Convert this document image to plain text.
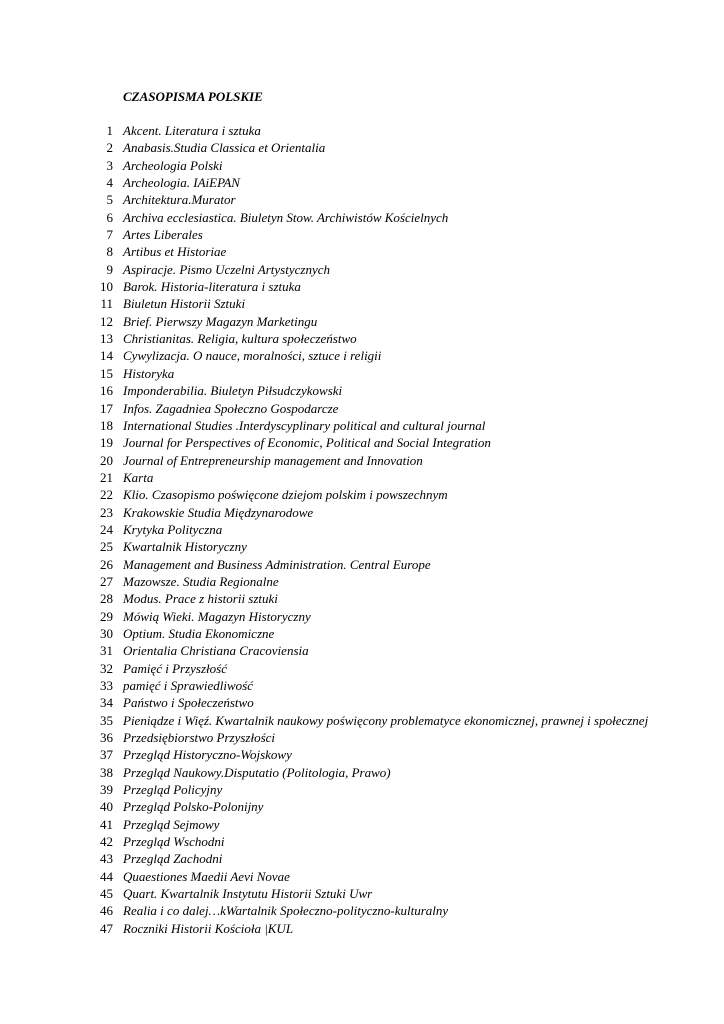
CZASOPISMA POLSKIE
1 Akcent. Literatura i sztuka
2 Anabasis.Studia Classica et Orientalia
3 Archeologia Polski
4 Archeologia. IAiEPAN
5 Architektura.Murator
6 Archiva ecclesiastica. Biuletyn Stow. Archiwistów Kościelnych
7 Artes Liberales
8 Artibus et Historiae
9 Aspiracje. Pismo Uczelni Artystycznych
10 Barok. Historia-literatura i sztuka
11 Biuletun Historii Sztuki
12 Brief. Pierwszy Magazyn Marketingu
13 Christianitas. Religia, kultura społeczeństwo
14 Cywylizacja. O nauce, moralności, sztuce i religii
15 Historyka
16 Imponderabilia. Biuletyn Piłsudczykowski
17 Infos. Zagadniea Społeczno Gospodarcze
18 International Studies .Interdyscyplinary political and cultural journal
19 Journal for Perspectives of Economic, Political and Social Integration
20 Journal of Entrepreneurship management and Innovation
21 Karta
22 Klio. Czasopismo poświęcone dziejom polskim i powszechnym
23 Krakowskie Studia Międzynarodowe
24 Krytyka Polityczna
25 Kwartalnik Historyczny
26 Management and Business Administration. Central Europe
27 Mazowsze. Studia Regionalne
28 Modus. Prace z historii sztuki
29 Mówią Wieki. Magazyn Historyczny
30 Optium. Studia Ekonomiczne
31 Orientalia Christiana Cracoviensia
32 Pamięć i Przyszłość
33 pamięć i Sprawiedliwość
34 Państwo i Społeczeństwo
35 Pieniądze i Więź. Kwartalnik naukowy poświęcony problematyce ekonomicznej, prawnej i społecznej
36 Przedsiębiorstwo Przyszłości
37 Przegląd Historyczno-Wojskowy
38 Przegląd Naukowy.Disputatio (Politologia, Prawo)
39 Przegląd Policyjny
40 Przegląd Polsko-Polonijny
41 Przegląd Sejmowy
42 Przegląd Wschodni
43 Przegląd Zachodni
44 Quaestiones Maedii Aevi Novae
45 Quart. Kwartalnik Instytutu Historii Sztuki Uwr
46 Realia i co dalej…kWartalnik Społeczno-polityczno-kulturalny
47 Roczniki Historii Kościoła |KUL
